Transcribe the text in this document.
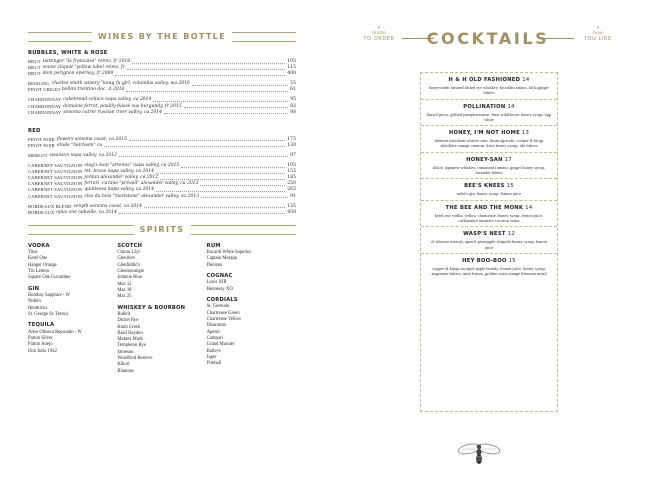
WINES BY THE BOTTLE
BUBBLES, WHITE & ROSE
BRUT taittinger "la francaise" reims, fr 2016	105
BRUT veuve cliquot "yellow label reims, fr	115
BRUT dom perignon epernay, fr 2009	400
REISLING charles smith winery "kung fu girl, columbia valley, wa 2016	55
PINOT GRIGIO bollini trentino doc, it 2016	61
CHARDONNAY cakebread cellars napa valley, ca 2014	95
CHARDONNAY domaine ferret, pouilly-fuissé sus burgundy, fr 2015	82
CHARDONNAY sonoma cutrer russian river valley, ca 2014	88
RED
PINOT NOIR flowers sonoma coast, ca 2015	175
PINOT NOIR etude "heirloom" ca	130
MERLOT swanson napa valley, ca 2012	97
CABERNET SAUVIGNON stag's leap "artemis" napa valley, ca 2015	105
CABERNET SAUVIGNON mt. brave napa valley, ca 2014	155
CABERNET SAUVIGNON jordan alexander valley, ca 2012	185
CABERNET SAUVIGNON ferrari -carano "prevail" alexander valley, ca 2013	250
CABERNET SAUVIGNON quintessa napa valley, ca 2014	265
CABERNET SAUVIGNON clos du bois "marlstone" alexander valley, ca 2013	91
BORDEAUX BLEND zenyth sonoma coast, ca 2014	155
BORDEAUX opus one oakville, ca 2014	450
SPIRITS
VODKA
Titos
Ketel One
Hanger Orange
Tru Lemon
Square One Cucumber
GIN
Bombay Sapphire - W
Nolet's
Hendricks
St. George St. Terroir
TEQUILA
Altos Olmeca Reposado - W
Patron Silver
Patron Anejo
Don Julio 1942
SCOTCH
Chivas 12yr
Glenlivet
Glenfiddich
Glenmorangie
Johnnie Blue
Mac 12
Mac 18
Mac 25
WHISKEY & BOURBON
Bulleit
Dickel Rye
Knob Creek
Basil Hayden
Makers Mark
Templeton Rye
Jameson
Woodford Reserve
Kikori
Blantons
RUM
Bacardi White Superior
Captain Morgan
Denizen
COGNAC
Louis XIII
Hennessy XO
CORDIALS
St. Germain
Chartreuse Green
Chartreuse Yellow
Disaronno
Aperol
Campari
Grand Marnier
Baileys
Jager
Fireball
✶
made
TO ORDER COCKTAILS
✶
how
YOU LIKE
H & H OLD FASHIONED 14
honeycomb infused dickel rye whiskey, brooklin amaro, lolla ginger bitters
POLLINATION 14
barsol pisco, giffard pamplemousse, lime wildflower honey syrup, egg white
HONEY, I'M NOT HOME 13
denizen merchant reserve rum, rhum agricole, cooper & kings destillare orange curacao, kiwi-honey syrup, tiki bitters
HONEY-SAN 17
kikori japanese whiskey, ramazzotti amaro, ginger honey syrup, lavender bitters
BEE'S KNEES 15
nolet's gin, honey syrup, lemon juice
THE BEE AND THE MONK 14
ketel one vodka, yellow chartreuse, honey syrup, lemon juice, carbonated turmeric-coconut water
WASP'S NEST 12
el silencio mezcal, aperol, pineapple-chipotle-honey syrup, lemon juice
HEY BOO-BOO 15
copper & kings un-aged apple brandy, lemon juice, honey syrup, angostura bitters, mint leaves, golden coast orange blossom mead
